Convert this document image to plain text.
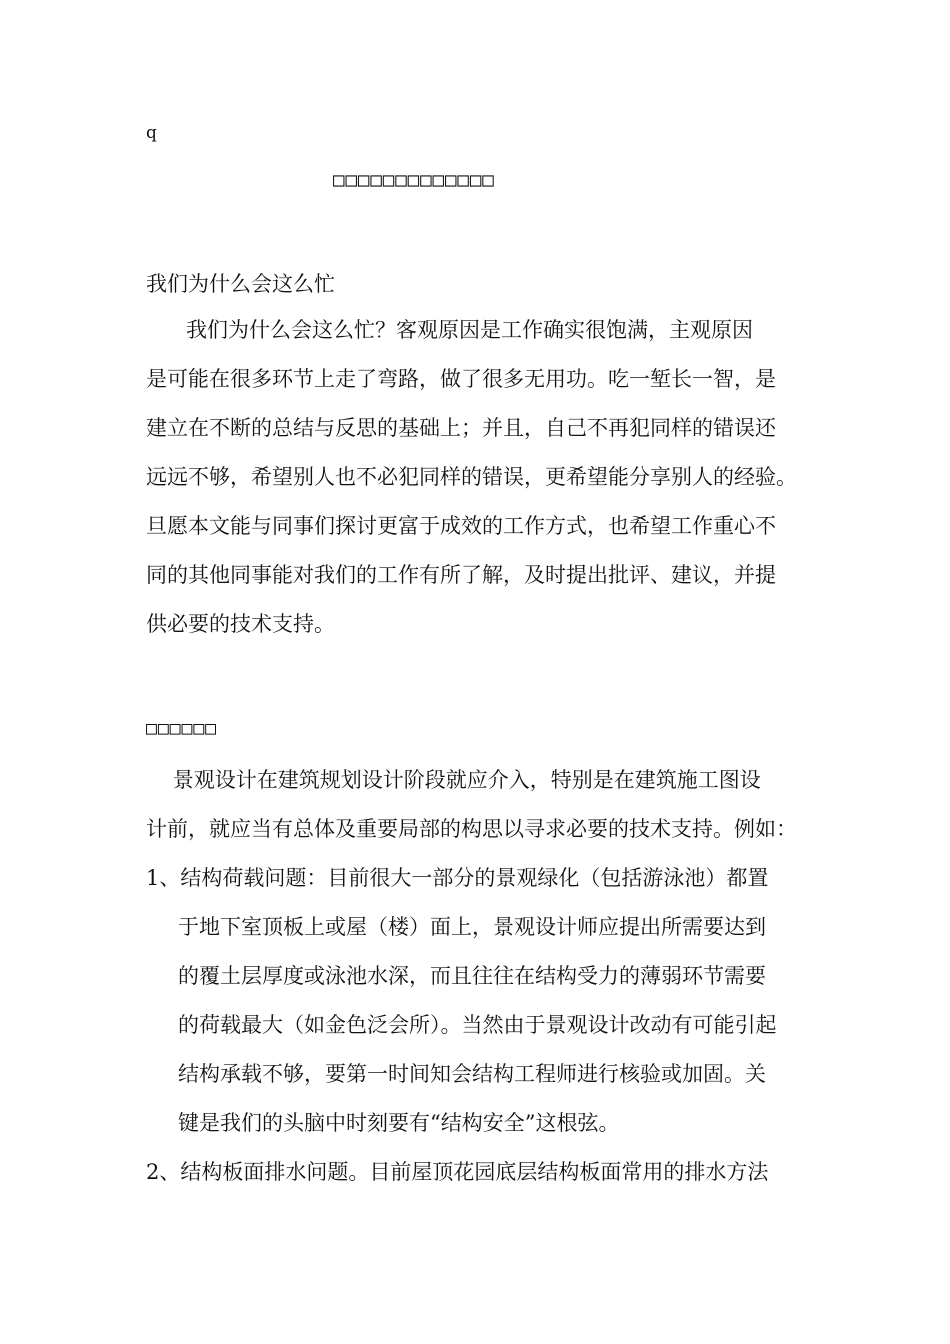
q
□□□□□□□□□□□□□
我们为什么会这么忙
我们为什么会这么忙？客观原因是工作确实很饱满，主观原因
是可能在很多环节上走了弯路，做了很多无用功。吃一堑长一智，是
建立在不断的总结与反思的基础上；并且，自己不再犯同样的错误还
远远不够，希望别人也不必犯同样的错误，更希望能分享别人的经验。
旦愿本文能与同事们探讨更富于成效的工作方式，也希望工作重心不
同的其他同事能对我们的工作有所了解，及时提出批评、建议，并提
供必要的技术支持。
□□□□□□
景观设计在建筑规划设计阶段就应介入，特别是在建筑施工图设
计前，就应当有总体及重要局部的构思以寻求必要的技术支持。例如：
1、结构荷载问题：目前很大一部分的景观绿化（包括游泳池）都置
于地下室顶板上或屋（楼）面上，景观设计师应提出所需要达到
的覆土层厚度或泳池水深，而且往往在结构受力的薄弱环节需要
的荷载最大（如金色泛会所）。当然由于景观设计改动有可能引起
结构承载不够，要第一时间知会结构工程师进行核验或加固。关
键是我们的头脑中时刻要有“结构安全”这根弦。
2、结构板面排水问题。目前屋顶花园底层结构板面常用的排水方法
